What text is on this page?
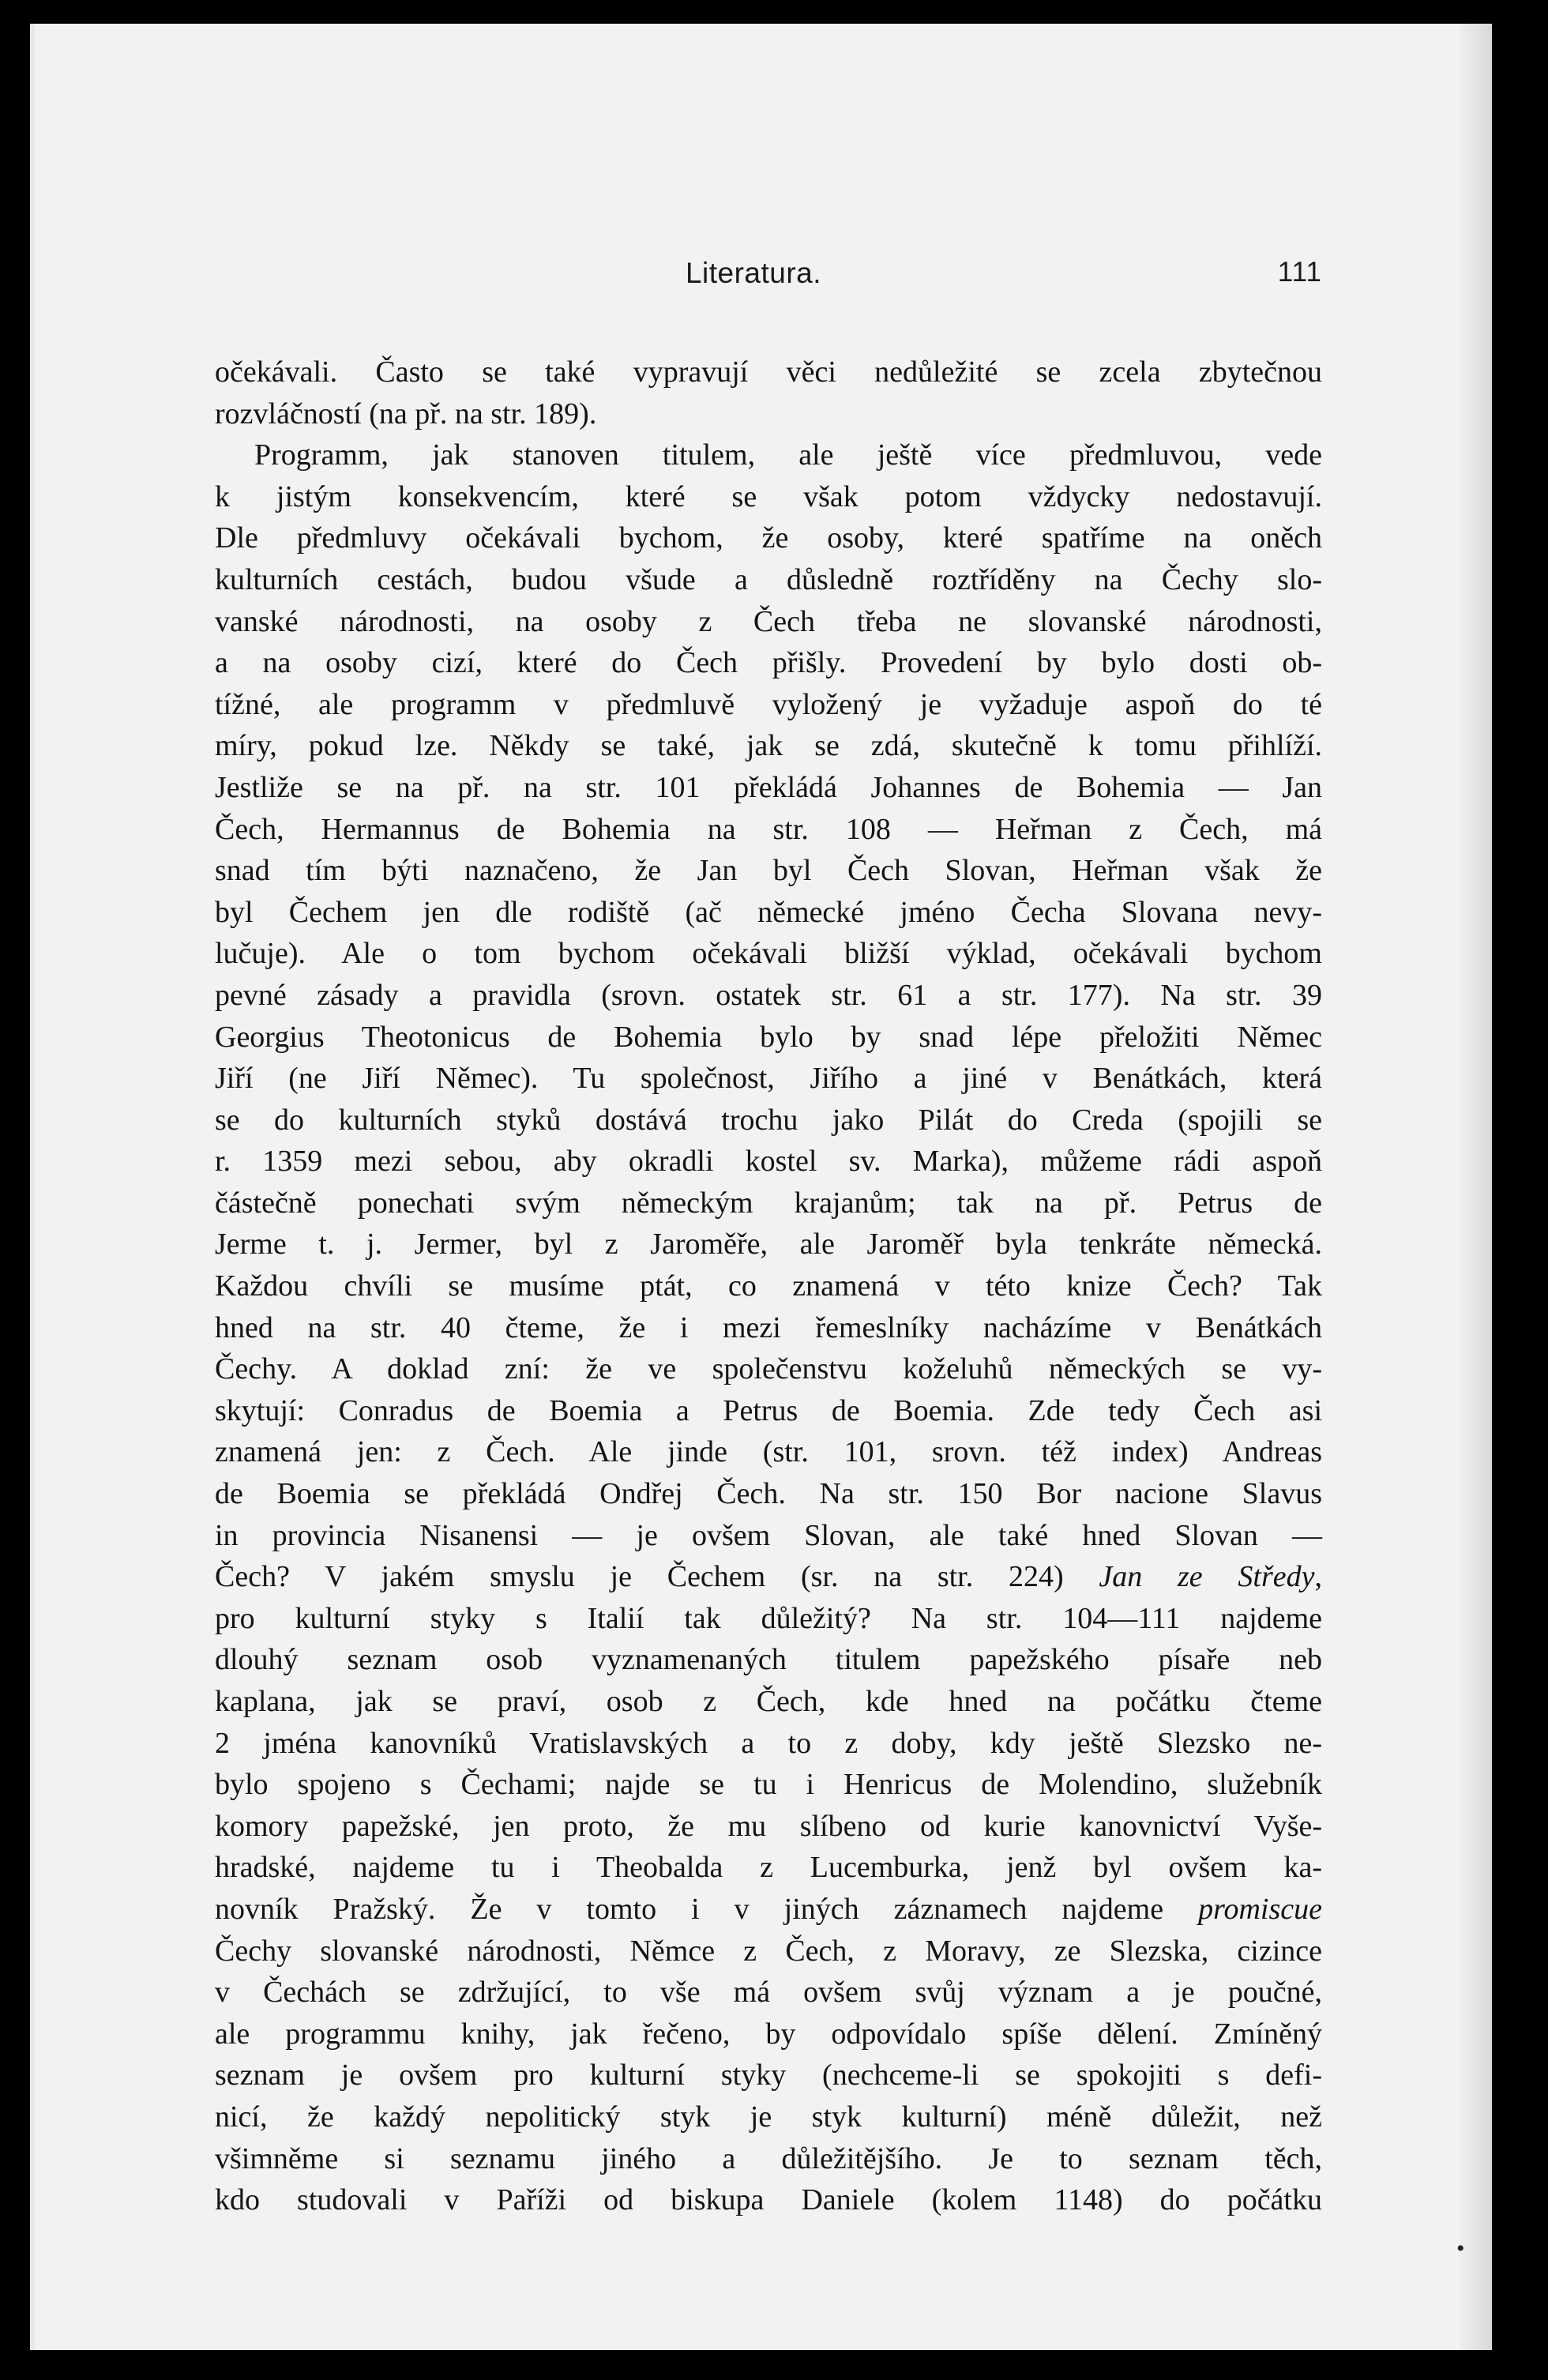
Literatura.	111
očekávali. Často se také vypravují věci nedůležité se zcela zbytečnou
rozvláčností (na př. na str. 189).
Programm, jak stanoven titulem, ale ještě více předmluvou, vede
k jistým konsekvencím, které se však potom vždycky nedostavují.
Dle předmluvy očekávali bychom, že osoby, které spatříme na oněch
kulturních cestách, budou všude a důsledně roztříděny na Čechy slo-
vanské národnosti, na osoby z Čech třeba ne slovanské národnosti,
a na osoby cizí, které do Čech přišly. Provedení by bylo dosti ob-
tížné, ale programm v předmluvě vyložený je vyžaduje aspoň do té
míry, pokud lze. Někdy se také, jak se zdá, skutečně k tomu přihlíží.
Jestliže se na př. na str. 101 překládá Johannes de Bohemia — Jan
Čech, Hermannus de Bohemia na str. 108 — Heřman z Čech, má
snad tím býti naznačeno, že Jan byl Čech Slovan, Heřman však že
byl Čechem jen dle rodiště (ač německé jméno Čecha Slovana nevy-
lučuje). Ale o tom bychom očekávali bližší výklad, očekávali bychom
pevné zásady a pravidla (srovn. ostatek str. 61 a str. 177). Na str. 39
Georgius Theotonicus de Bohemia bylo by snad lépe přeložiti Němec
Jiří (ne Jiří Němec). Tu společnost, Jiřího a jiné v Benátkách, která
se do kulturních styků dostává trochu jako Pilát do Creda (spojili se
r. 1359 mezi sebou, aby okradli kostel sv. Marka), můžeme rádi aspoň
částečně ponechati svým německým krajanům; tak na př. Petrus de
Jerme t. j. Jermer, byl z Jaroměře, ale Jaroměř byla tenkráte německá.
Každou chvíli se musíme ptát, co znamená v této knize Čech? Tak
hned na str. 40 čteme, že i mezi řemeslníky nacházíme v Benátkách
Čechy. A doklad zní: že ve společenstvu koželuhů německých se vy-
skytují: Conradus de Boemia a Petrus de Boemia. Zde tedy Čech asi
znamená jen: z Čech. Ale jinde (str. 101, srovn. též index) Andreas
de Boemia se překládá Ondřej Čech. Na str. 150 Bor nacione Slavus
in provincia Nisanensi — je ovšem Slovan, ale také hned Slovan —
Čech? V jakém smyslu je Čechem (sr. na str. 224) Jan ze Středy,
pro kulturní styky s Italií tak důležitý? Na str. 104—111 najdeme
dlouhý seznam osob vyznamenaných titulem papežského písaře neb
kaplana, jak se praví, osob z Čech, kde hned na počátku čteme
2 jména kanovníků Vratislavských a to z doby, kdy ještě Slezsko ne-
bylo spojeno s Čechami; najde se tu i Henricus de Molendino, služebník
komory papežské, jen proto, že mu slíbeno od kurie kanovnictví Vyše-
hradské, najdeme tu i Theobalda z Lucemburka, jenž byl ovšem ka-
novník Pražský. Že v tomto i v jiných záznamech najdeme promiscue
Čechy slovanské národnosti, Němce z Čech, z Moravy, ze Slezska, cizince
v Čechách se zdržující, to vše má ovšem svůj význam a je poučné,
ale programmu knihy, jak řečeno, by odpovídalo spíše dělení. Zmíněný
seznam je ovšem pro kulturní styky (nechceme-li se spokojiti s defi-
nicí, že každý nepolitický styk je styk kulturní) méně důležit, než
všimněme si seznamu jiného a důležitějšího. Je to seznam těch,
kdo studovali v Paříži od biskupa Daniele (kolem 1148) do počátku
•
